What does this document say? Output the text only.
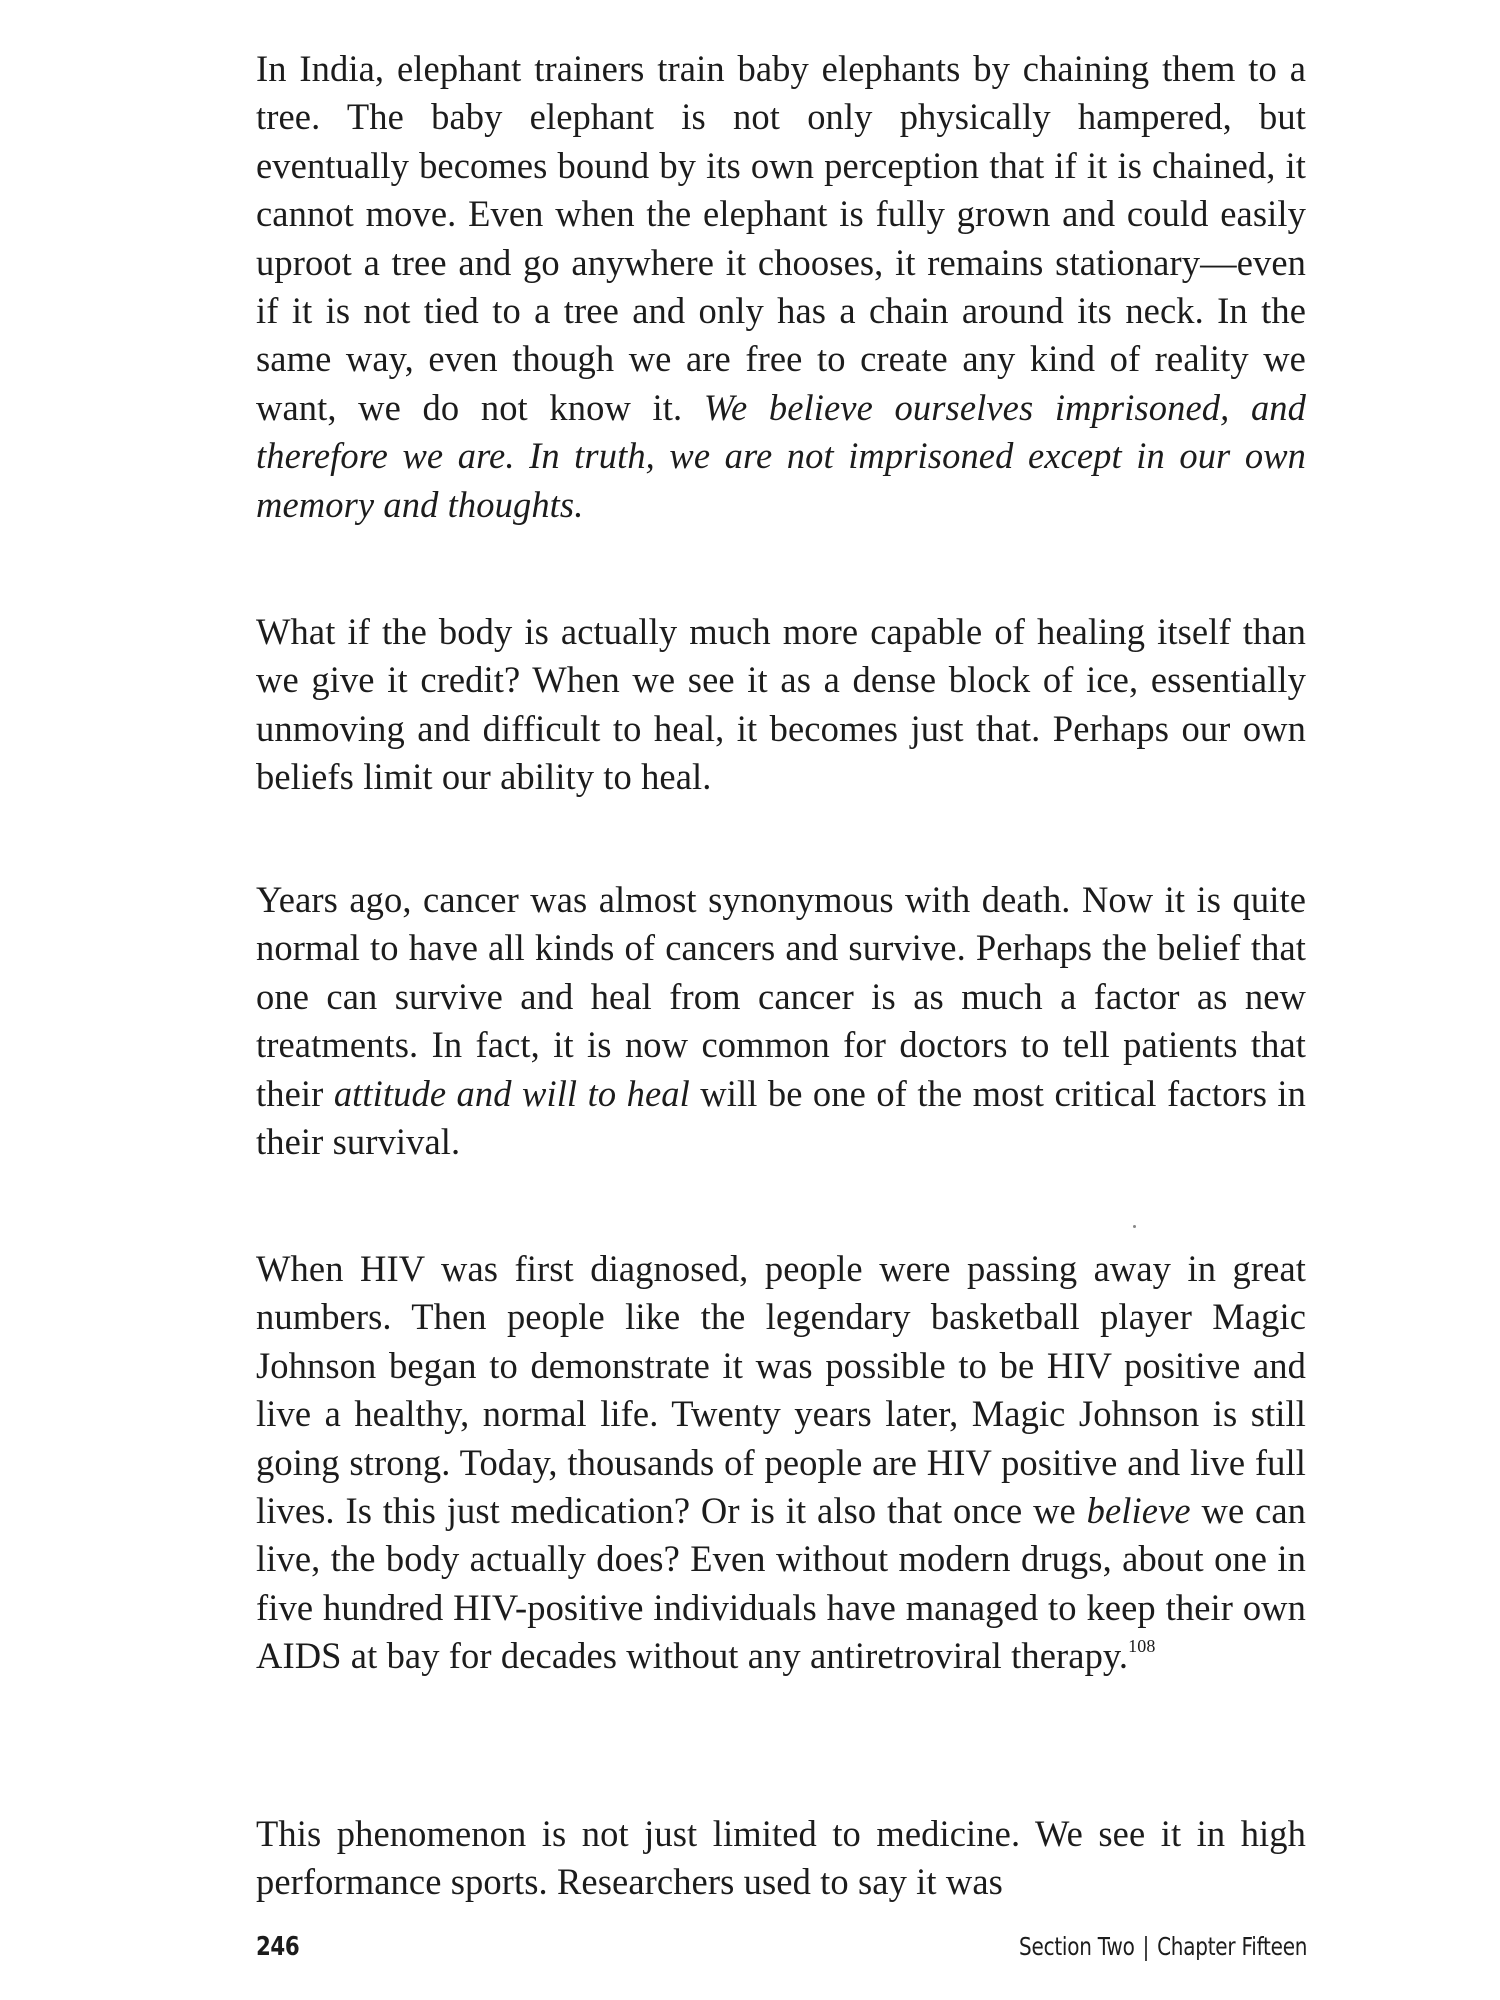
In India, elephant trainers train baby elephants by chaining them to a tree. The baby elephant is not only physically hampered, but eventually becomes bound by its own perception that if it is chained, it cannot move. Even when the elephant is fully grown and could easily uproot a tree and go anywhere it chooses, it remains stationary—even if it is not tied to a tree and only has a chain around its neck. In the same way, even though we are free to create any kind of reality we want, we do not know it. We believe ourselves imprisoned, and therefore we are. In truth, we are not imprisoned except in our own memory and thoughts.

What if the body is actually much more capable of healing itself than we give it credit? When we see it as a dense block of ice, essentially unmoving and difficult to heal, it becomes just that. Perhaps our own beliefs limit our ability to heal.

Years ago, cancer was almost synonymous with death. Now it is quite normal to have all kinds of cancers and survive. Perhaps the belief that one can survive and heal from cancer is as much a factor as new treatments. In fact, it is now common for doctors to tell patients that their attitude and will to heal will be one of the most critical factors in their survival.

When HIV was first diagnosed, people were passing away in great numbers. Then people like the legendary basketball player Magic Johnson began to demonstrate it was possible to be HIV positive and live a healthy, normal life. Twenty years later, Magic Johnson is still going strong. Today, thousands of people are HIV positive and live full lives. Is this just medication? Or is it also that once we believe we can live, the body actually does? Even without modern drugs, about one in five hundred HIV-positive individuals have managed to keep their own AIDS at bay for decades without any antiretroviral therapy.$^{108}$

This phenomenon is not just limited to medicine. We see it in high performance sports. Researchers used to say it was

246	Section Two | Chapter Fifteen
